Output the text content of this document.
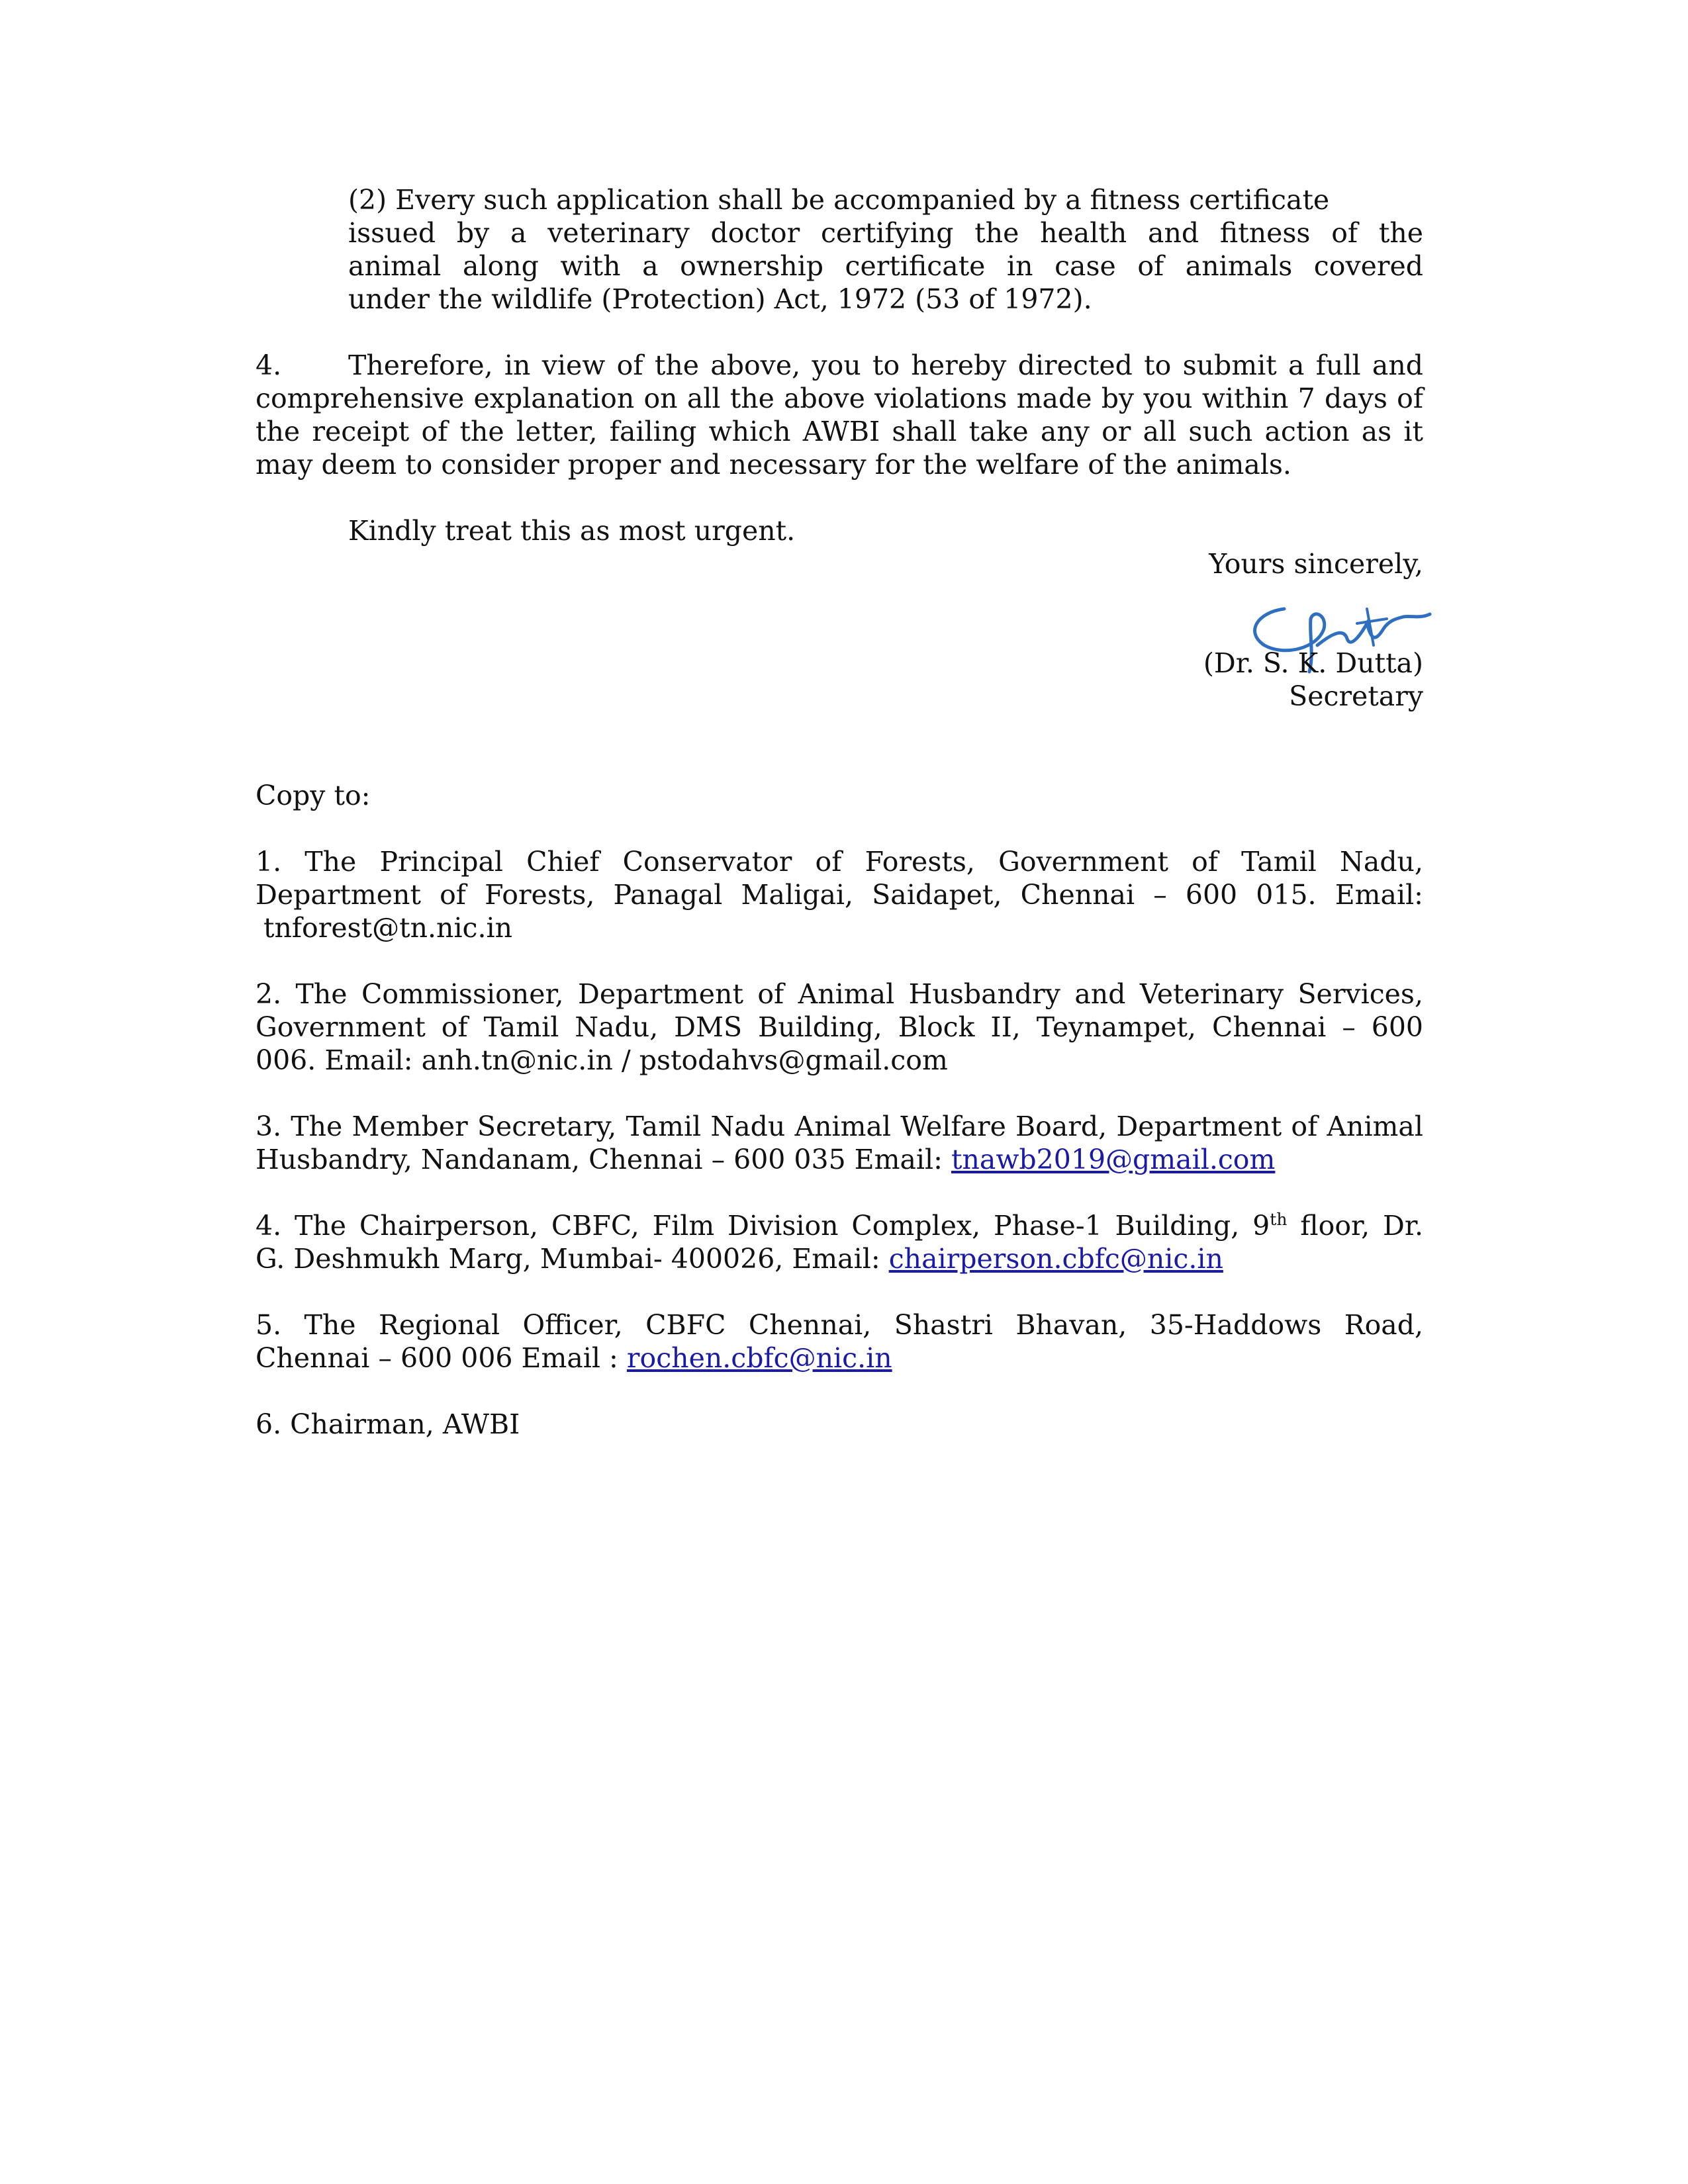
(2) Every such application shall be accompanied by a fitness certificate
issued by a veterinary doctor certifying the health and fitness of the
animal along with a ownership certificate in case of animals covered
under the wildlife (Protection) Act, 1972 (53 of 1972).
4. Therefore, in view of the above, you to hereby directed to submit a full and
comprehensive explanation on all the above violations made by you within 7 days of
the receipt of the letter, failing which AWBI shall take any or all such action as it
may deem to consider proper and necessary for the welfare of the animals.
Kindly treat this as most urgent.
Yours sincerely,
(Dr. S. K. Dutta)
Secretary
Copy to:
1. The Principal Chief Conservator of Forests, Government of Tamil Nadu,
Department of Forests, Panagal Maligai, Saidapet, Chennai – 600 015. Email:
tnforest@tn.nic.in
2. The Commissioner, Department of Animal Husbandry and Veterinary Services,
Government of Tamil Nadu, DMS Building, Block II, Teynampet, Chennai – 600
006. Email: anh.tn@nic.in / pstodahvs@gmail.com
3. The Member Secretary, Tamil Nadu Animal Welfare Board, Department of Animal
Husbandry, Nandanam, Chennai – 600 035 Email: tnawb2019@gmail.com
4. The Chairperson, CBFC, Film Division Complex, Phase-1 Building, 9th floor, Dr.
G. Deshmukh Marg, Mumbai- 400026, Email: chairperson.cbfc@nic.in
5. The Regional Officer, CBFC Chennai, Shastri Bhavan, 35-Haddows Road,
Chennai – 600 006 Email : rochen.cbfc@nic.in
6. Chairman, AWBI
